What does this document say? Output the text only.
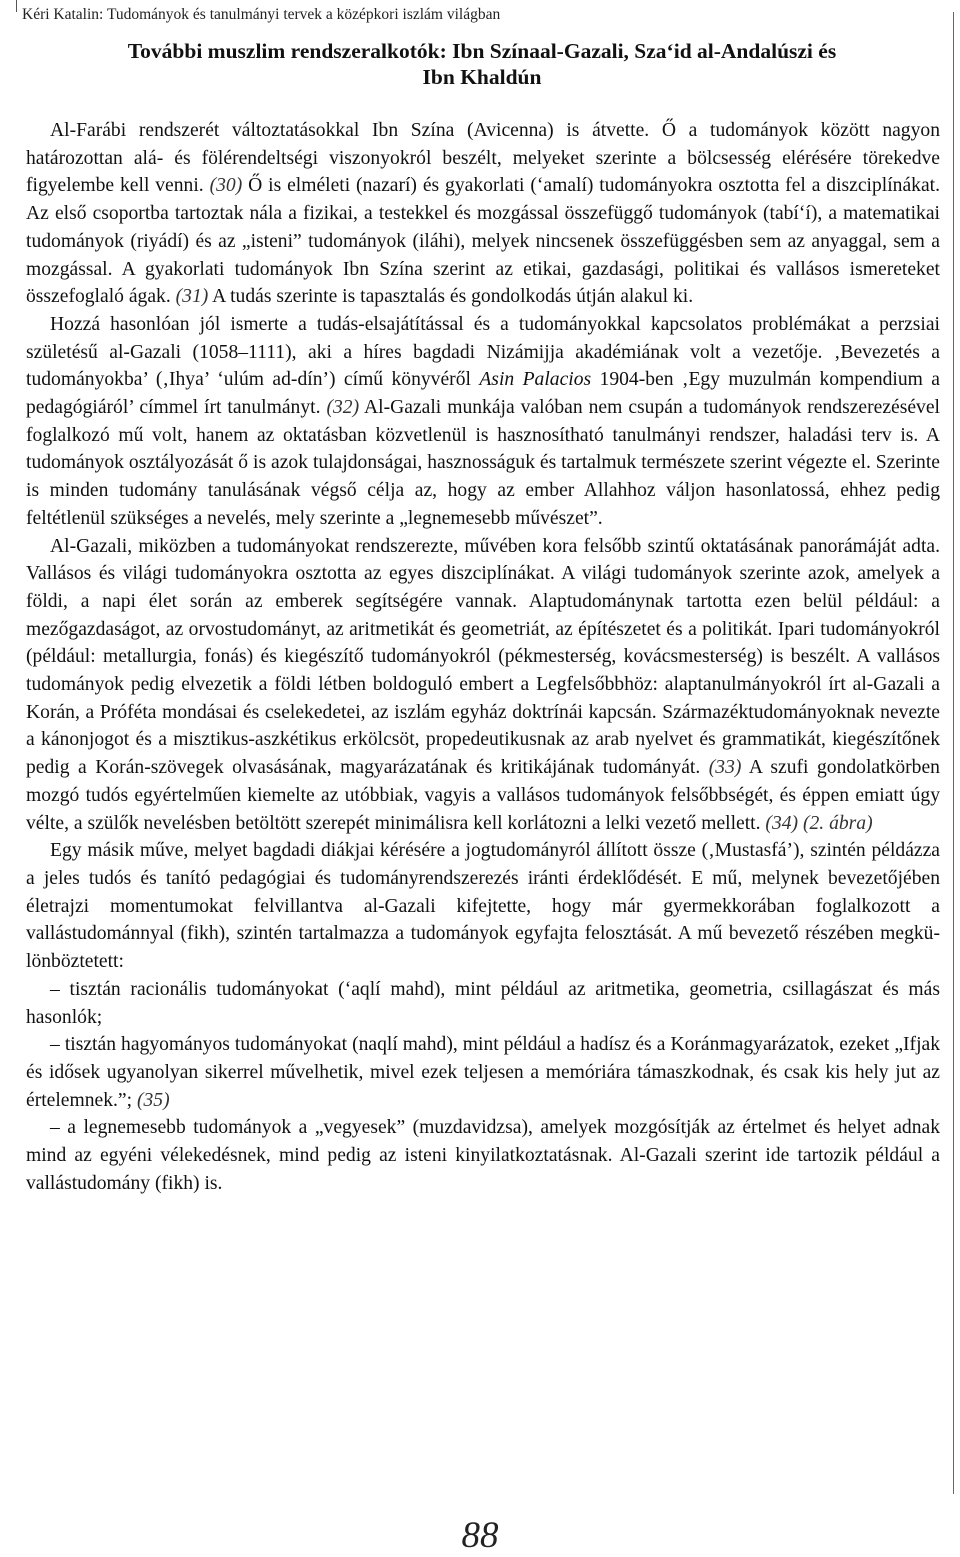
Kéri Katalin: Tudományok és tanulmányi tervek a középkori iszlám világban
További muszlim rendszeralkotók: Ibn Színaal-Gazali, Sza‘id al-Andalúszi és
Ibn Khaldún

Al-Farábi rendszerét változtatásokkal Ibn Szína (Avicenna) is átvette. Ő a tudományok között nagyon határozottan alá- és fölérendeltségi viszonyokról beszélt, melyeket szerinte a bölcsesség elérésére törekedve figyelembe kell venni. (30) Ő is elméleti (nazarí) és gyakorlati (‘amalí) tudományokra osztotta fel a diszciplínákat. Az első csoportba tartoztak nála a fizikai, a testekkel és mozgással összefüggő tudományok (tabí‘í), a matematikai tudományok (riyádí) és az „isteni” tudományok (iláhi), melyek nincsenek összefüggésben sem az anyaggal, sem a mozgással. A gyakorlati tudományok Ibn Szína szerint az etikai, gazdasági, politikai és vallásos ismereteket összefoglaló ágak. (31) A tudás szerinte is tapasztalás és gondolkodás útján alakul ki.

Hozzá hasonlóan jól ismerte a tudás-elsajátítással és a tudományokkal kapcsolatos problémákat a perzsiai születésű al-Gazali (1058–1111), aki a híres bagdadi Nizámijja akadémiának volt a vezetője. ‚Bevezetés a tudományokba’ (‚Ihya’ ‘ulúm ad-dín’) című könyvéről Asin Palacios 1904-ben ‚Egy muzulmán kompendium a pedagógiáról’ címmel írt tanulmányt. (32) Al-Gazali munkája valóban nem csupán a tudományok rendszerezésével foglalkozó mű volt, hanem az oktatásban közvetlenül is hasznosítható tanulmányi rendszer, haladási terv is. A tudományok osztályozását ő is azok tulajdonságai, hasznosságuk és tartalmuk természete szerint végezte el. Szerinte is minden tudomány tanulásának végső célja az, hogy az ember Allahhoz váljon hasonlatossá, ehhez pedig feltétlenül szükséges a nevelés, mely szerinte a „legnemesebb művészet”.

Al-Gazali, miközben a tudományokat rendszerezte, művében kora felsőbb szintű oktatásának panorámáját adta. Vallásos és világi tudományokra osztotta az egyes diszciplínákat. A világi tudományok szerinte azok, amelyek a földi, a napi élet során az emberek segítségére vannak. Alaptudománynak tartotta ezen belül például: a mezőgazdaságot, az orvostudományt, az aritmetikát és geometriát, az építészetet és a politikát. Ipari tudományokról (például: metallurgia, fonás) és kiegészítő tudományokról (pékmesterség, kovácsmesterség) is beszélt. A vallásos tudományok pedig elvezetik a földi létben boldoguló embert a Legfelsőbbhöz: alaptanulmányokról írt al-Gazali a Korán, a Próféta mondásai és cselekedetei, az iszlám egyház doktrínái kapcsán. Származéktudományoknak nevezte a kánonjogot és a misztikus-aszkétikus erkölcsöt, propedeutikusnak az arab nyelvet és grammatikát, kiegészítőnek pedig a Korán-szövegek olvasásának, magyarázatának és kritikájának tudományát. (33) A szufi gondolatkörben mozgó tudós egyértelműen kiemelte az utóbbiak, vagyis a vallásos tudományok felsőbbségét, és éppen emiatt úgy vélte, a szülők nevelésben betöltött szerepét minimálisra kell korlátozni a lelki vezető mellett. (34) (2. ábra)

Egy másik műve, melyet bagdadi diákjai kérésére a jogtudományról állított össze (‚Mustasfá’), szintén példázza a jeles tudós és tanító pedagógiai és tudományrendszerezés iránti érdeklődését. E mű, melynek bevezetőjében életrajzi momentumokat felvillantva al-Gazali kifejtette, hogy már gyermekkorában foglalkozott a vallástudománnyal (fikh), szintén tartalmazza a tudományok egyfajta felosztását. A mű bevezető részében megkülönböztetett:

– tisztán racionális tudományokat (‘aqlí mahd), mint például az aritmetika, geometria, csillagászat és más hasonlók;

– tisztán hagyományos tudományokat (naqlí mahd), mint például a hadísz és a Koránmagyarázatok, ezeket „Ifjak és idősek ugyanolyan sikerrel művelhetik, mivel ezek teljesen a memóriára támaszkodnak, és csak kis hely jut az értelemnek.”; (35)

– a legnemesebb tudományok a „vegyesek” (muzdavidzsa), amelyek mozgósítják az értelmet és helyet adnak mind az egyéni vélekedésnek, mind pedig az isteni kinyilatkoztatásnak. Al-Gazali szerint ide tartozik például a vallástudomány (fikh) is.

88
